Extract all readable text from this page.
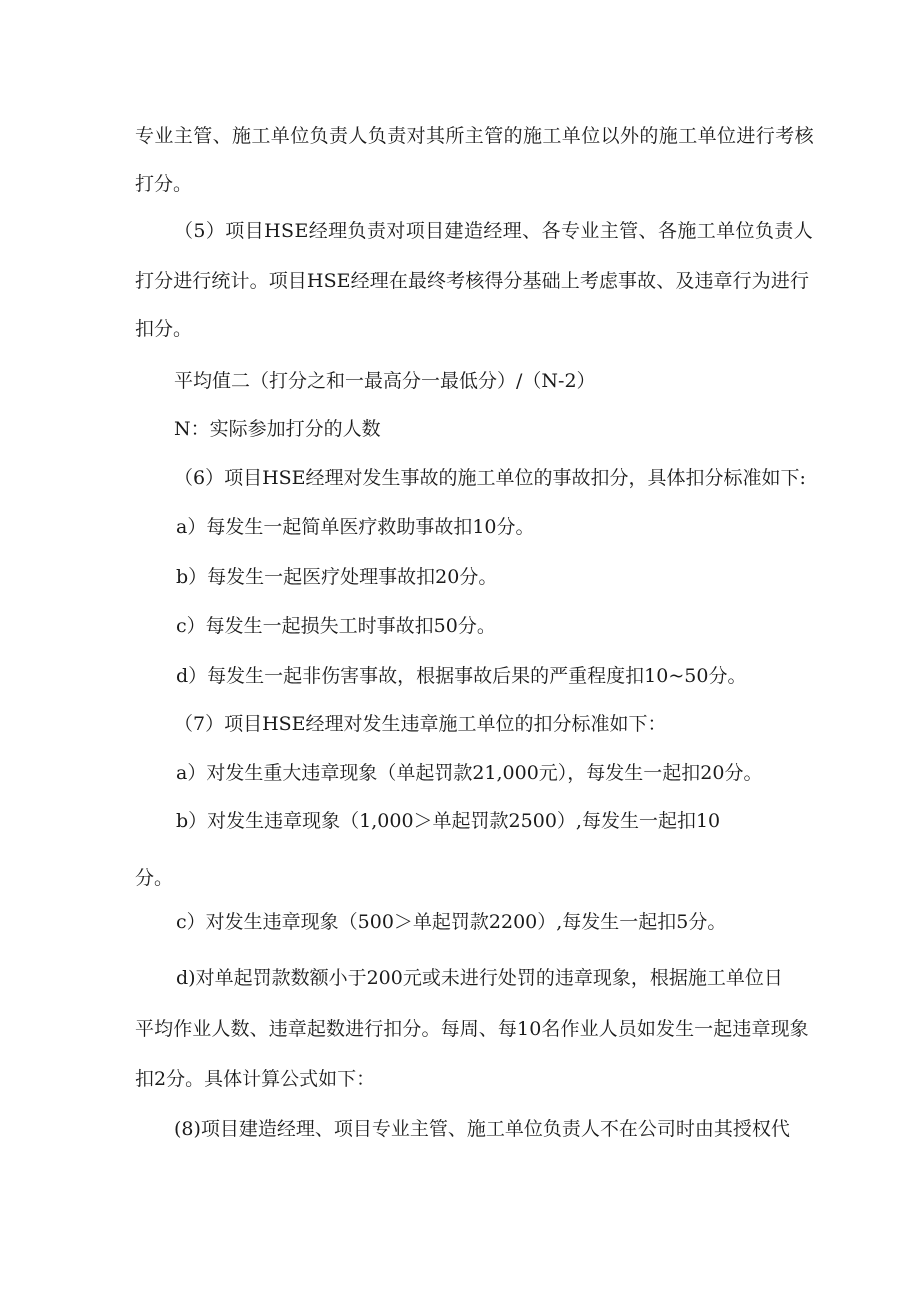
专业主管、施工单位负责人负责对其所主管的施工单位以外的施工单位进行考核
打分。
（5）项目HSE经理负责对项目建造经理、各专业主管、各施工单位负责人
打分进行统计。项目HSE经理在最终考核得分基础上考虑事故、及违章行为进行
扣分。
平均值二（打分之和一最高分一最低分）/（N-2）
N：实际参加打分的人数
（6）项目HSE经理对发生事故的施工单位的事故扣分，具体扣分标准如下:
a）每发生一起简单医疗救助事故扣10分。
b）每发生一起医疗处理事故扣20分。
c）每发生一起损失工时事故扣50分。
d）每发生一起非伤害事故，根据事故后果的严重程度扣10~50分。
（7）项目HSE经理对发生违章施工单位的扣分标准如下：
a）对发生重大违章现象（单起罚款21,000元），每发生一起扣20分。
b）对发生违章现象（1,000＞单起罚款2500）,每发生一起扣10
分。
c）对发生违章现象（500＞单起罚款2200）,每发生一起扣5分。
d)对单起罚款数额小于200元或未进行处罚的违章现象，根据施工单位日
平均作业人数、违章起数进行扣分。每周、每10名作业人员如发生一起违章现象
扣2分。具体计算公式如下：
(8)项目建造经理、项目专业主管、施工单位负责人不在公司时由其授权代
